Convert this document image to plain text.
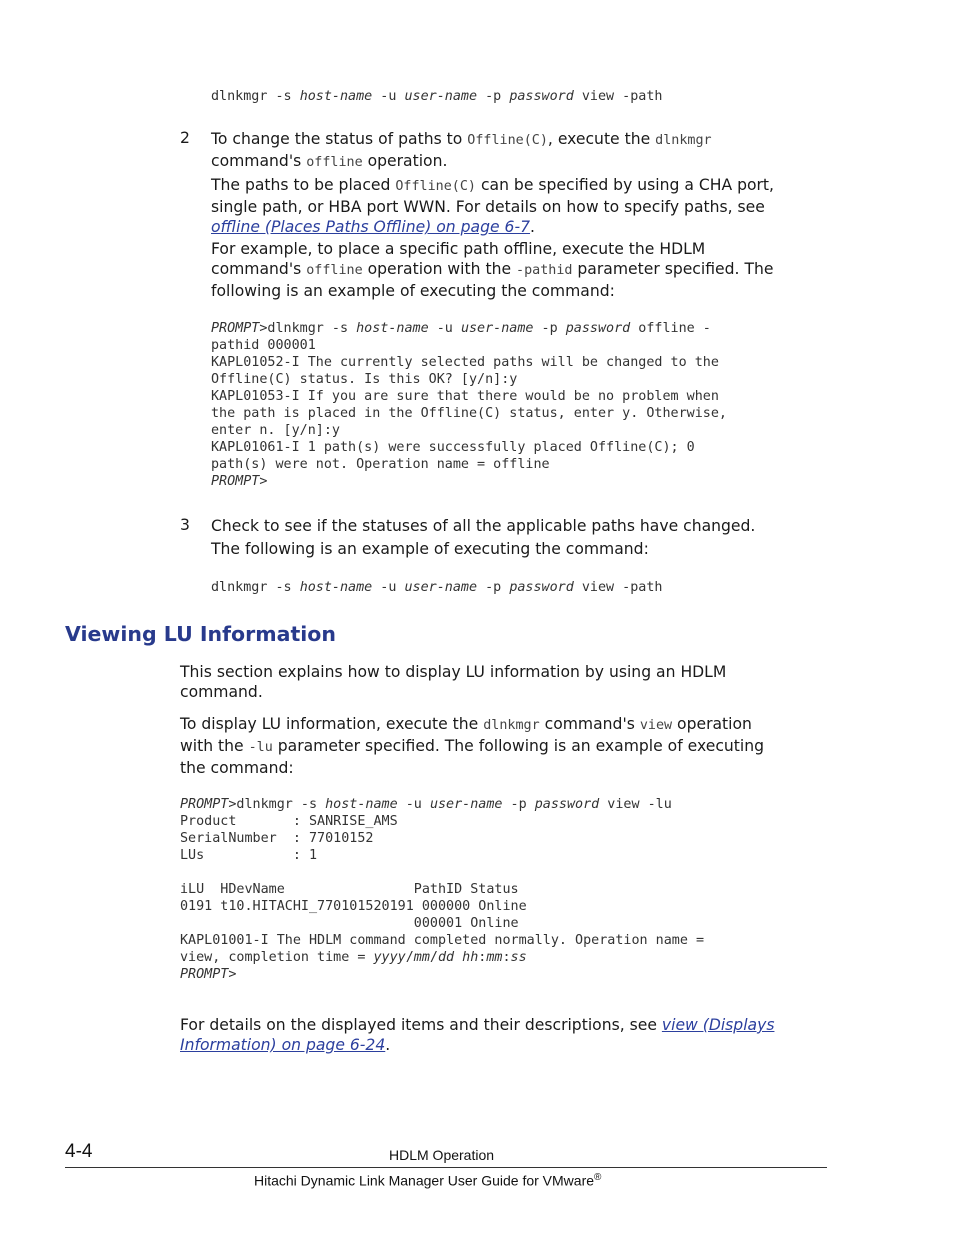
dlnkmgr -s host-name -u user-name -p password view -path
2 To change the status of paths to Offline(C), execute the dlnkmgr
command's offline operation.
The paths to be placed Offline(C) can be specified by using a CHA port,
single path, or HBA port WWN. For details on how to specify paths, see
offline (Places Paths Offline) on page 6-7.
For example, to place a specific path offline, execute the HDLM
command's offline operation with the -pathid parameter specified. The
following is an example of executing the command:
PROMPT>dlnkmgr -s host-name -u user-name -p password offline -
pathid 000001
KAPL01052-I The currently selected paths will be changed to the
Offline(C) status. Is this OK? [y/n]:y
KAPL01053-I If you are sure that there would be no problem when
the path is placed in the Offline(C) status, enter y. Otherwise,
enter n. [y/n]:y
KAPL01061-I 1 path(s) were successfully placed Offline(C); 0
path(s) were not. Operation name = offline
PROMPT>
3 Check to see if the statuses of all the applicable paths have changed.
The following is an example of executing the command:
dlnkmgr -s host-name -u user-name -p password view -path
Viewing LU Information
This section explains how to display LU information by using an HDLM
command.
To display LU information, execute the dlnkmgr command's view operation
with the -lu parameter specified. The following is an example of executing
the command:
PROMPT>dlnkmgr -s host-name -u user-name -p password view -lu
Product       : SANRISE_AMS
SerialNumber  : 77010152
LUs           : 1
iLU  HDevName                PathID Status
0191 t10.HITACHI_770101520191 000000 Online
000001 Online
KAPL01001-I The HDLM command completed normally. Operation name =
view, completion time = yyyy/mm/dd hh:mm:ss
PROMPT>
For details on the displayed items and their descriptions, see view (Displays
Information) on page 6-24.
4-4	HDLM Operation
Hitachi Dynamic Link Manager User Guide for VMware®
